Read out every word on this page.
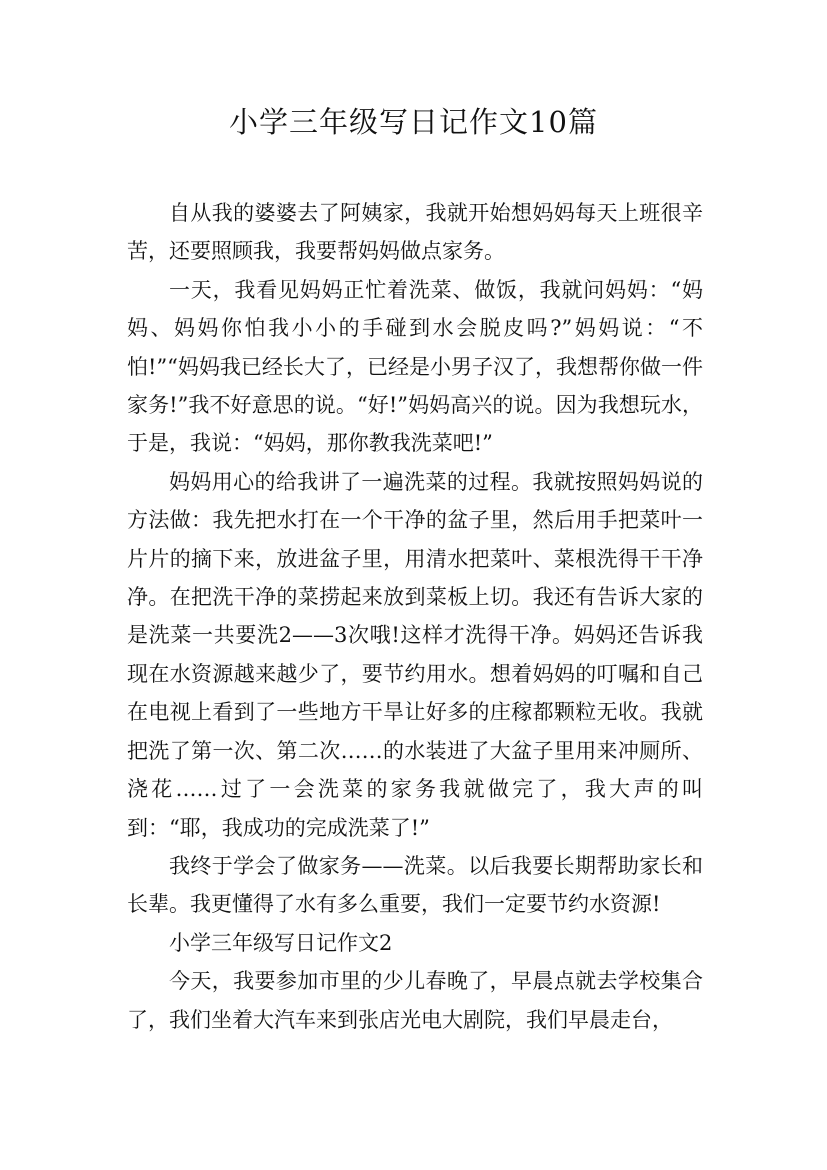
小学三年级写日记作文10篇

自从我的婆婆去了阿姨家，我就开始想妈妈每天上班很辛苦，还要照顾我，我要帮妈妈做点家务。

一天，我看见妈妈正忙着洗菜、做饭，我就问妈妈：“妈妈、妈妈你怕我小小的手碰到水会脱皮吗?”妈妈说：“不怕!”“妈妈我已经长大了，已经是小男子汉了，我想帮你做一件家务!”我不好意思的说。“好!”妈妈高兴的说。因为我想玩水，于是，我说：“妈妈，那你教我洗菜吧!”

妈妈用心的给我讲了一遍洗菜的过程。我就按照妈妈说的方法做：我先把水打在一个干净的盆子里，然后用手把菜叶一片片的摘下来，放进盆子里，用清水把菜叶、菜根洗得干干净净。在把洗干净的菜捞起来放到菜板上切。我还有告诉大家的是洗菜一共要洗2——3次哦!这样才洗得干净。妈妈还告诉我现在水资源越来越少了，要节约用水。想着妈妈的叮嘱和自己在电视上看到了一些地方干旱让好多的庄稼都颗粒无收。我就把洗了第一次、第二次……的水装进了大盆子里用来冲厕所、浇花……过了一会洗菜的家务我就做完了，我大声的叫到：“耶，我成功的完成洗菜了!”

我终于学会了做家务——洗菜。以后我要长期帮助家长和长辈。我更懂得了水有多么重要，我们一定要节约水资源!

小学三年级写日记作文2

今天，我要参加市里的少儿春晚了，早晨点就去学校集合了，我们坐着大汽车来到张店光电大剧院，我们早晨走台，
